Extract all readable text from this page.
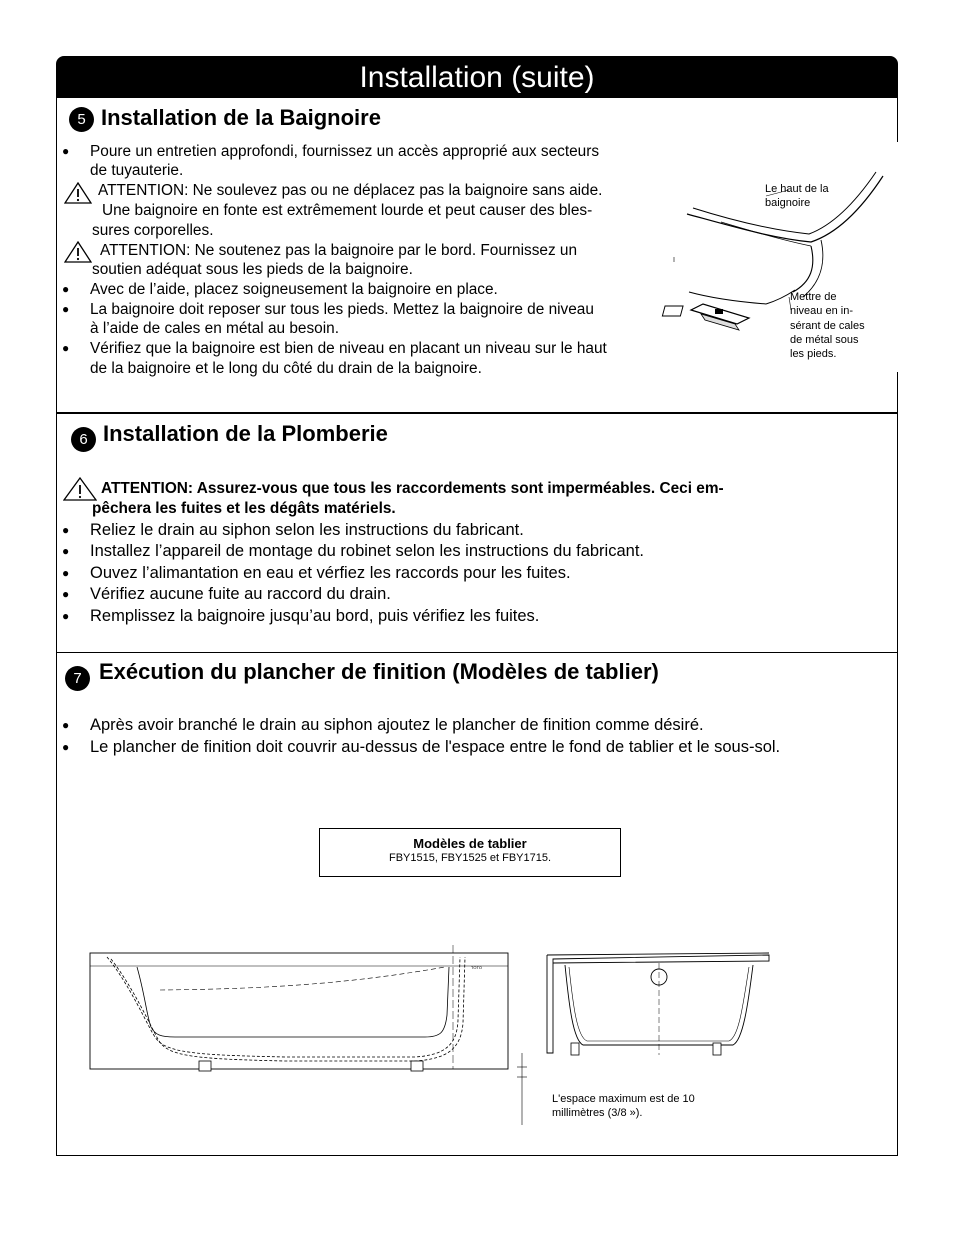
Installation (suite)
5 Installation de la Baignoire
● Poure un entretien approfondi, fournissez un accès approprié aux secteurs
de tuyauterie.
ATTENTION: Ne soulevez pas ou ne déplacez pas la baignoire sans aide.
Une baignoire en fonte est extrêmement lourde et peut causer des bles-
sures corporelles.
ATTENTION: Ne soutenez pas la baignoire par le bord. Fournissez un
soutien adéquat sous les pieds de la baignoire.
● Avec de l’aide, placez soigneusement la baignoire en place.
● La baignoire doit reposer sur tous les pieds. Mettez la baignoire de niveau
à l’aide de cales en métal au besoin.
● Vérifiez que la baignoire est bien de niveau en placant un niveau sur le haut
de la baignoire et le long du côté du drain de la baignoire.
Le haut de la
baignoire
Mettre de
niveau en in-
sérant de cales
de métal sous
les pieds.
6 Installation de la Plomberie
ATTENTION: Assurez-vous que tous les raccordements sont imperméables. Ceci em-
pêchera les fuites et les dégâts matériels.
● Reliez le drain au siphon selon les instructions du fabricant.
● Installez l’appareil de montage du robinet selon les instructions du fabricant.
● Ouvez l’alimantation en eau et vérfiez les raccords pour les fuites.
● Vérifiez aucune fuite au raccord du drain.
● Remplissez la baignoire jusqu’au bord, puis vérifiez les fuites.
7 Exécution du plancher de finition (Modèles de tablier)
● Après avoir branché le drain au siphon ajoutez le plancher de finition comme désiré.
● Le plancher de finition doit couvrir au-dessus de l'espace entre le fond de tablier et le sous-sol.
Modèles de tablier
FBY1515, FBY1525 et FBY1715.
TOTO
L'espace maximum est de 10
millimètres (3/8 »).
